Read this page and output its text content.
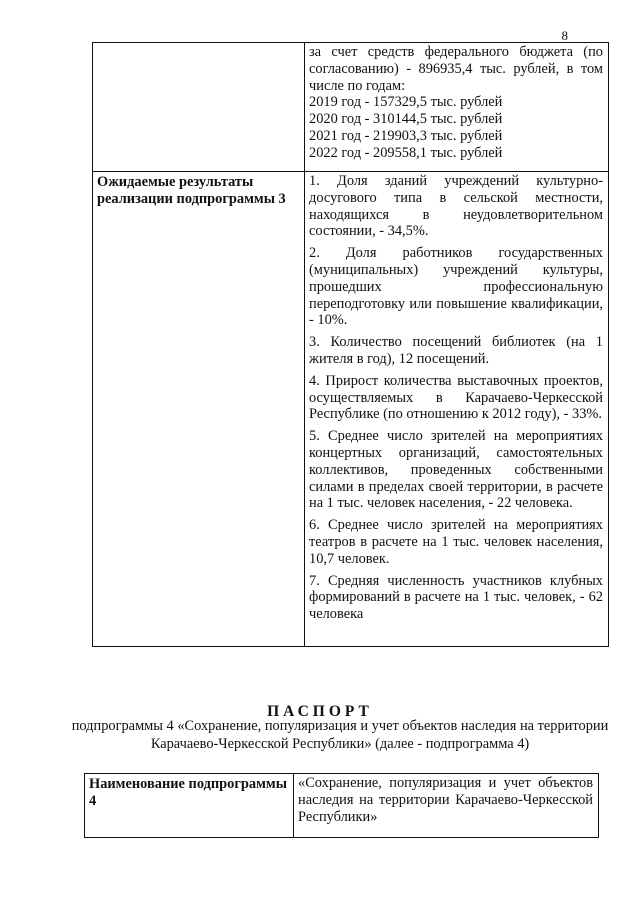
8

за счет средств федерального бюджета (по согласованию) - 896935,4 тыс. рублей, в том числе по годам:

2019 год - 157329,5 тыс. рублей

2020 год - 310144,5 тыс. рублей

2021 год - 219903,3 тыс. рублей

2022 год - 209558,1 тыс. рублей

Ожидаемые результаты реализации подпрограммы 3

1. Доля зданий учреждений культурно-досугового типа в сельской местности, находящихся в неудовлетворительном состоянии, - 34,5%.

2. Доля работников государственных (муниципальных) учреждений культуры, прошедших профессиональную переподготовку или повышение квалификации, - 10%.

3. Количество посещений библиотек (на 1 жителя в год), 12 посещений.

4. Прирост количества выставочных проектов, осуществляемых в Карачаево-Черкесской Республике (по отношению к 2012 году), - 33%.

5. Среднее число зрителей на мероприятиях концертных организаций, самостоятельных коллективов, проведенных собственными силами в пределах своей территории, в расчете на 1 тыс. человек населения, - 22 человека.

6. Среднее число зрителей на мероприятиях театров в расчете на 1 тыс. человек населения, 10,7 человек.

7. Средняя численность участников клубных формирований в расчете на 1 тыс. человек, - 62 человека

ПАСПОРТ
подпрограммы 4 «Сохранение, популяризация и учет объектов наследия на территории Карачаево-Черкесской Республики» (далее - подпрограмма 4)
Наименование подпрограммы 4
«Сохранение, популяризация и учет объектов наследия на территории Карачаево-Черкесской Республики»
